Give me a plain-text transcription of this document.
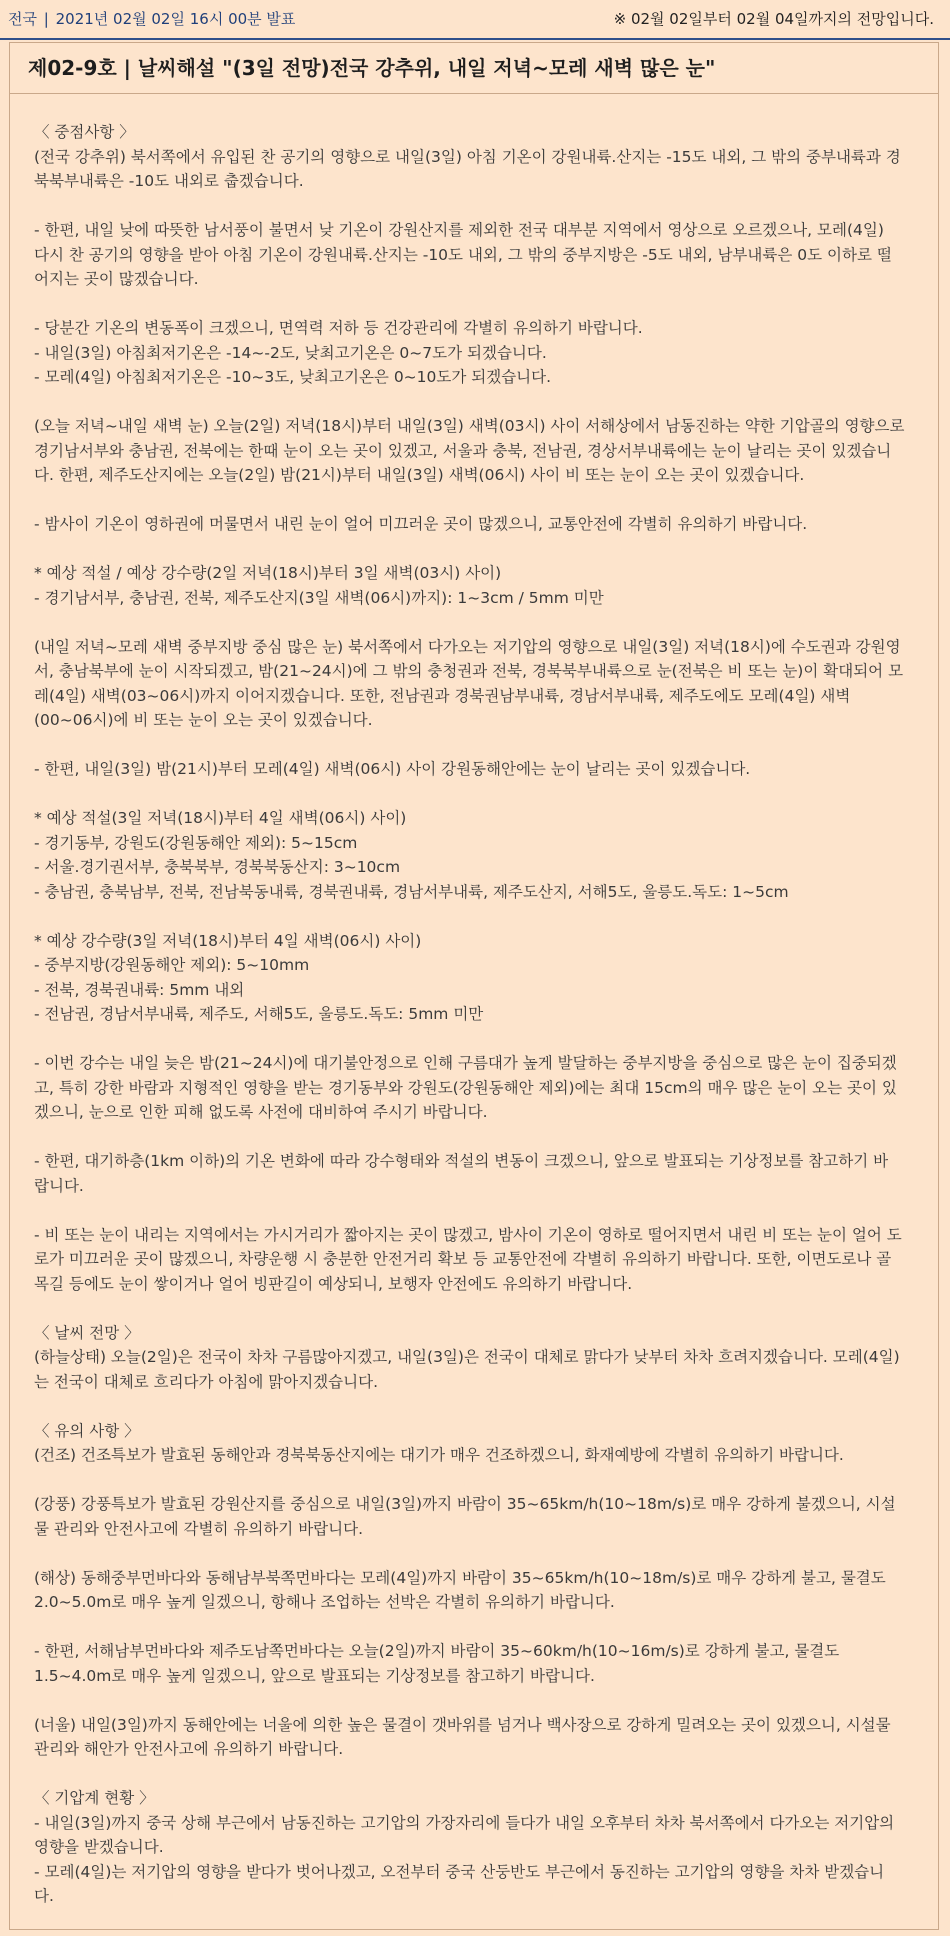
전국 | 2021년 02월 02일 16시 00분 발표	※ 02월 02일부터 02월 04일까지의 전망입니다.
제02-9호 | 날씨해설 "(3일 전망)전국 강추위, 내일 저녁~모레 새벽 많은 눈"
〈 중점사항 〉
(전국 강추위) 북서쪽에서 유입된 찬 공기의 영향으로 내일(3일) 아침 기온이 강원내륙.산지는 -15도 내외, 그 밖의 중부내륙과 경
북북부내륙은 -10도 내외로 춥겠습니다.
- 한편, 내일 낮에 따뜻한 남서풍이 불면서 낮 기온이 강원산지를 제외한 전국 대부분 지역에서 영상으로 오르겠으나, 모레(4일)
다시 찬 공기의 영향을 받아 아침 기온이 강원내륙.산지는 -10도 내외, 그 밖의 중부지방은 -5도 내외, 남부내륙은 0도 이하로 떨
어지는 곳이 많겠습니다.
- 당분간 기온의 변동폭이 크겠으니, 면역력 저하 등 건강관리에 각별히 유의하기 바랍니다.
- 내일(3일) 아침최저기온은 -14~-2도, 낮최고기온은 0~7도가 되겠습니다.
- 모레(4일) 아침최저기온은 -10~3도, 낮최고기온은 0~10도가 되겠습니다.
(오늘 저녁~내일 새벽 눈) 오늘(2일) 저녁(18시)부터 내일(3일) 새벽(03시) 사이 서해상에서 남동진하는 약한 기압골의 영향으로
경기남서부와 충남권, 전북에는 한때 눈이 오는 곳이 있겠고, 서울과 충북, 전남권, 경상서부내륙에는 눈이 날리는 곳이 있겠습니
다. 한편, 제주도산지에는 오늘(2일) 밤(21시)부터 내일(3일) 새벽(06시) 사이 비 또는 눈이 오는 곳이 있겠습니다.
- 밤사이 기온이 영하권에 머물면서 내린 눈이 얼어 미끄러운 곳이 많겠으니, 교통안전에 각별히 유의하기 바랍니다.
* 예상 적설 / 예상 강수량(2일 저녁(18시)부터 3일 새벽(03시) 사이)
- 경기남서부, 충남권, 전북, 제주도산지(3일 새벽(06시)까지): 1~3cm / 5mm 미만
(내일 저녁~모레 새벽 중부지방 중심 많은 눈) 북서쪽에서 다가오는 저기압의 영향으로 내일(3일) 저녁(18시)에 수도권과 강원영
서, 충남북부에 눈이 시작되겠고, 밤(21~24시)에 그 밖의 충청권과 전북, 경북북부내륙으로 눈(전북은 비 또는 눈)이 확대되어 모
레(4일) 새벽(03~06시)까지 이어지겠습니다. 또한, 전남권과 경북권남부내륙, 경남서부내륙, 제주도에도 모레(4일) 새벽
(00~06시)에 비 또는 눈이 오는 곳이 있겠습니다.
- 한편, 내일(3일) 밤(21시)부터 모레(4일) 새벽(06시) 사이 강원동해안에는 눈이 날리는 곳이 있겠습니다.
* 예상 적설(3일 저녁(18시)부터 4일 새벽(06시) 사이)
- 경기동부, 강원도(강원동해안 제외): 5~15cm
- 서울.경기권서부, 충북북부, 경북북동산지: 3~10cm
- 충남권, 충북남부, 전북, 전남북동내륙, 경북권내륙, 경남서부내륙, 제주도산지, 서해5도, 울릉도.독도: 1~5cm
* 예상 강수량(3일 저녁(18시)부터 4일 새벽(06시) 사이)
- 중부지방(강원동해안 제외): 5~10mm
- 전북, 경북권내륙: 5mm 내외
- 전남권, 경남서부내륙, 제주도, 서해5도, 울릉도.독도: 5mm 미만
- 이번 강수는 내일 늦은 밤(21~24시)에 대기불안정으로 인해 구름대가 높게 발달하는 중부지방을 중심으로 많은 눈이 집중되겠
고, 특히 강한 바람과 지형적인 영향을 받는 경기동부와 강원도(강원동해안 제외)에는 최대 15cm의 매우 많은 눈이 오는 곳이 있
겠으니, 눈으로 인한 피해 없도록 사전에 대비하여 주시기 바랍니다.
- 한편, 대기하층(1km 이하)의 기온 변화에 따라 강수형태와 적설의 변동이 크겠으니, 앞으로 발표되는 기상정보를 참고하기 바
랍니다.
- 비 또는 눈이 내리는 지역에서는 가시거리가 짧아지는 곳이 많겠고, 밤사이 기온이 영하로 떨어지면서 내린 비 또는 눈이 얼어 도
로가 미끄러운 곳이 많겠으니, 차량운행 시 충분한 안전거리 확보 등 교통안전에 각별히 유의하기 바랍니다. 또한, 이면도로나 골
목길 등에도 눈이 쌓이거나 얼어 빙판길이 예상되니, 보행자 안전에도 유의하기 바랍니다.
〈 날씨 전망 〉
(하늘상태) 오늘(2일)은 전국이 차차 구름많아지겠고, 내일(3일)은 전국이 대체로 맑다가 낮부터 차차 흐려지겠습니다. 모레(4일)
는 전국이 대체로 흐리다가 아침에 맑아지겠습니다.
〈 유의 사항 〉
(건조) 건조특보가 발효된 동해안과 경북북동산지에는 대기가 매우 건조하겠으니, 화재예방에 각별히 유의하기 바랍니다.
(강풍) 강풍특보가 발효된 강원산지를 중심으로 내일(3일)까지 바람이 35~65km/h(10~18m/s)로 매우 강하게 불겠으니, 시설
물 관리와 안전사고에 각별히 유의하기 바랍니다.
(해상) 동해중부먼바다와 동해남부북쪽먼바다는 모레(4일)까지 바람이 35~65km/h(10~18m/s)로 매우 강하게 불고, 물결도
2.0~5.0m로 매우 높게 일겠으니, 항해나 조업하는 선박은 각별히 유의하기 바랍니다.
- 한편, 서해남부먼바다와 제주도남쪽먼바다는 오늘(2일)까지 바람이 35~60km/h(10~16m/s)로 강하게 불고, 물결도
1.5~4.0m로 매우 높게 일겠으니, 앞으로 발표되는 기상정보를 참고하기 바랍니다.
(너울) 내일(3일)까지 동해안에는 너울에 의한 높은 물결이 갯바위를 넘거나 백사장으로 강하게 밀려오는 곳이 있겠으니, 시설물
관리와 해안가 안전사고에 유의하기 바랍니다.
〈 기압계 현황 〉
- 내일(3일)까지 중국 상해 부근에서 남동진하는 고기압의 가장자리에 들다가 내일 오후부터 차차 북서쪽에서 다가오는 저기압의
영향을 받겠습니다.
- 모레(4일)는 저기압의 영향을 받다가 벗어나겠고, 오전부터 중국 산둥반도 부근에서 동진하는 고기압의 영향을 차차 받겠습니
다.
